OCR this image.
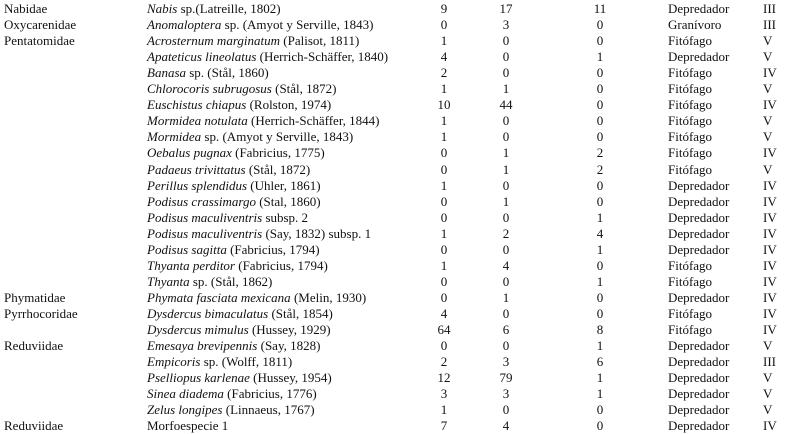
Nabidae	Nabis sp.(Latreille, 1802)	9	17	11	Depredador	III
Oxycarenidae	Anomaloptera sp. (Amyot y Serville, 1843)	0	3	0	Granívoro	III
Pentatomidae	Acrosternum marginatum (Palisot, 1811)	1	0	0	Fitófago	V
Apateticus lineolatus (Herrich-Schäffer, 1840)	4	0	1	Depredador	V
Banasa sp. (Stål, 1860)	2	0	0	Fitófago	IV
Chlorocoris subrugosus (Stål, 1872)	1	1	0	Fitófago	V
Euschistus chiapus (Rolston, 1974)	10	44	0	Fitófago	IV
Mormidea notulata (Herrich-Schäffer, 1844)	1	0	0	Fitófago	V
Mormidea sp. (Amyot y Serville, 1843)	1	0	0	Fitófago	V
Oebalus pugnax (Fabricius, 1775)	0	1	2	Fitófago	IV
Padaeus trivittatus (Stål, 1872)	0	1	2	Fitófago	V
Perillus splendidus (Uhler, 1861)	1	0	0	Depredador	IV
Podisus crassimargo (Stal, 1860)	0	1	0	Depredador	IV
Podisus maculiventris subsp. 2	0	0	1	Depredador	IV
Podisus maculiventris (Say, 1832) subsp. 1	1	2	4	Depredador	IV
Podisus sagitta (Fabricius, 1794)	0	0	1	Depredador	IV
Thyanta perditor (Fabricius, 1794)	1	4	0	Fitófago	IV
Thyanta sp. (Stål, 1862)	0	0	1	Fitófago	IV
Phymatidae	Phymata fasciata mexicana (Melin, 1930)	0	1	0	Depredador	IV
Pyrrhocoridae	Dysdercus bimaculatus (Stål, 1854)	4	0	0	Fitófago	IV
Dysdercus mimulus (Hussey, 1929)	64	6	8	Fitófago	IV
Reduviidae	Emesaya brevipennis (Say, 1828)	0	0	1	Depredador	V
Empicoris sp. (Wolff, 1811)	2	3	6	Depredador	III
Pselliopus karlenae (Hussey, 1954)	12	79	1	Depredador	V
Sinea diadema (Fabricius, 1776)	3	3	1	Depredador	V
Zelus longipes (Linnaeus, 1767)	1	0	0	Depredador	V
Reduviidae	Morfoespecie 1	7	4	0	Depredador	IV
